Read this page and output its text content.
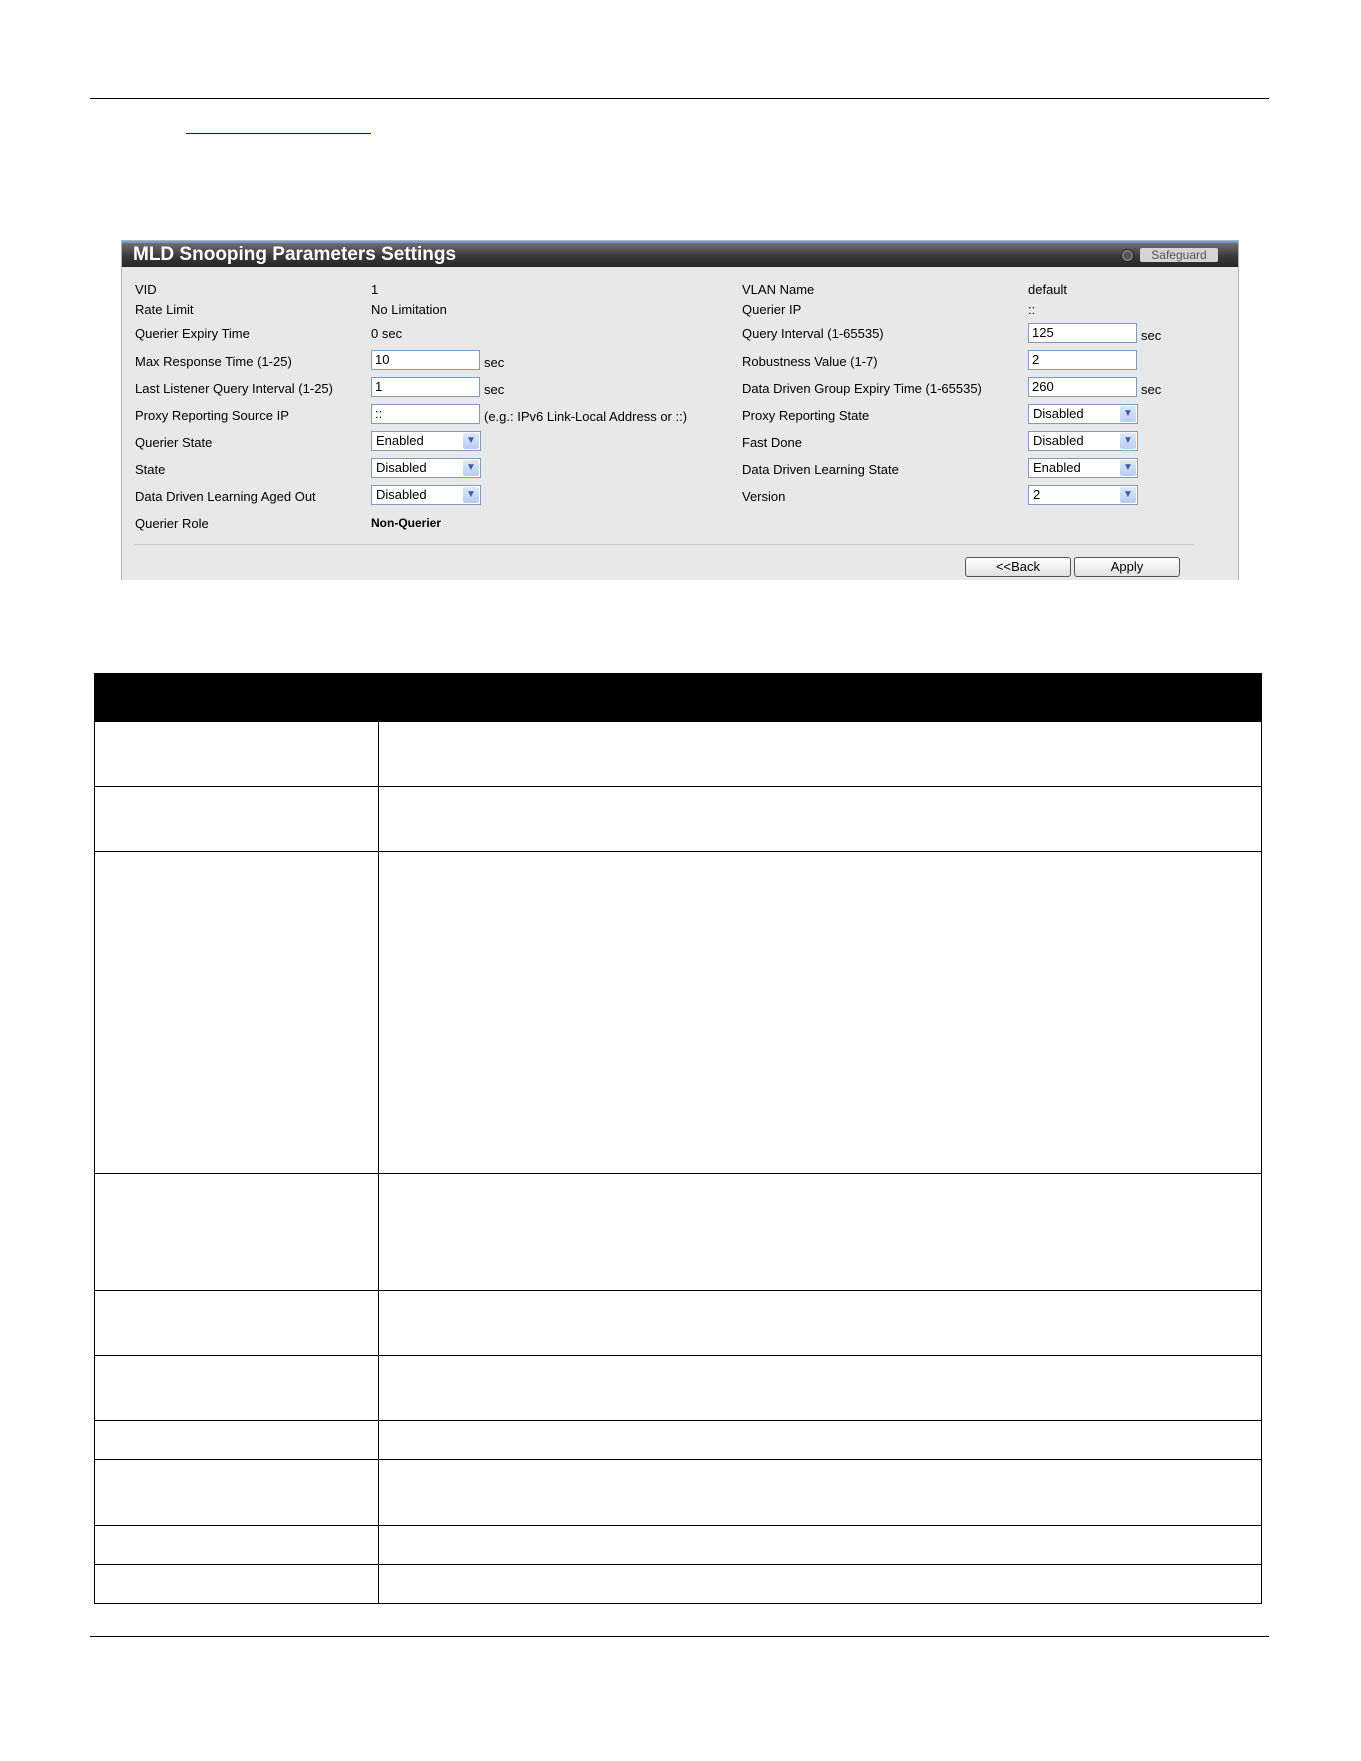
MLD Snooping Parameters Settings	Safeguard
VID	1
Rate Limit	No Limitation
Querier Expiry Time	0 sec
Max Response Time (1-25)	10	sec
Last Listener Query Interval (1-25)	1	sec
Proxy Reporting Source IP	::	(e.g.: IPv6 Link-Local Address or ::)
Querier State	Enabled	▼
State	Disabled	▼
Data Driven Learning Aged Out	Disabled	▼
Querier Role	Non-Querier
VLAN Name	default
Querier IP	::
Query Interval (1-65535)	125	sec
Robustness Value (1-7)	2
Data Driven Group Expiry Time (1-65535)	260	sec
Proxy Reporting State	Disabled	▼
Fast Done	Disabled	▼
Data Driven Learning State	Enabled	▼
Version	2	▼
<<Back	Apply
